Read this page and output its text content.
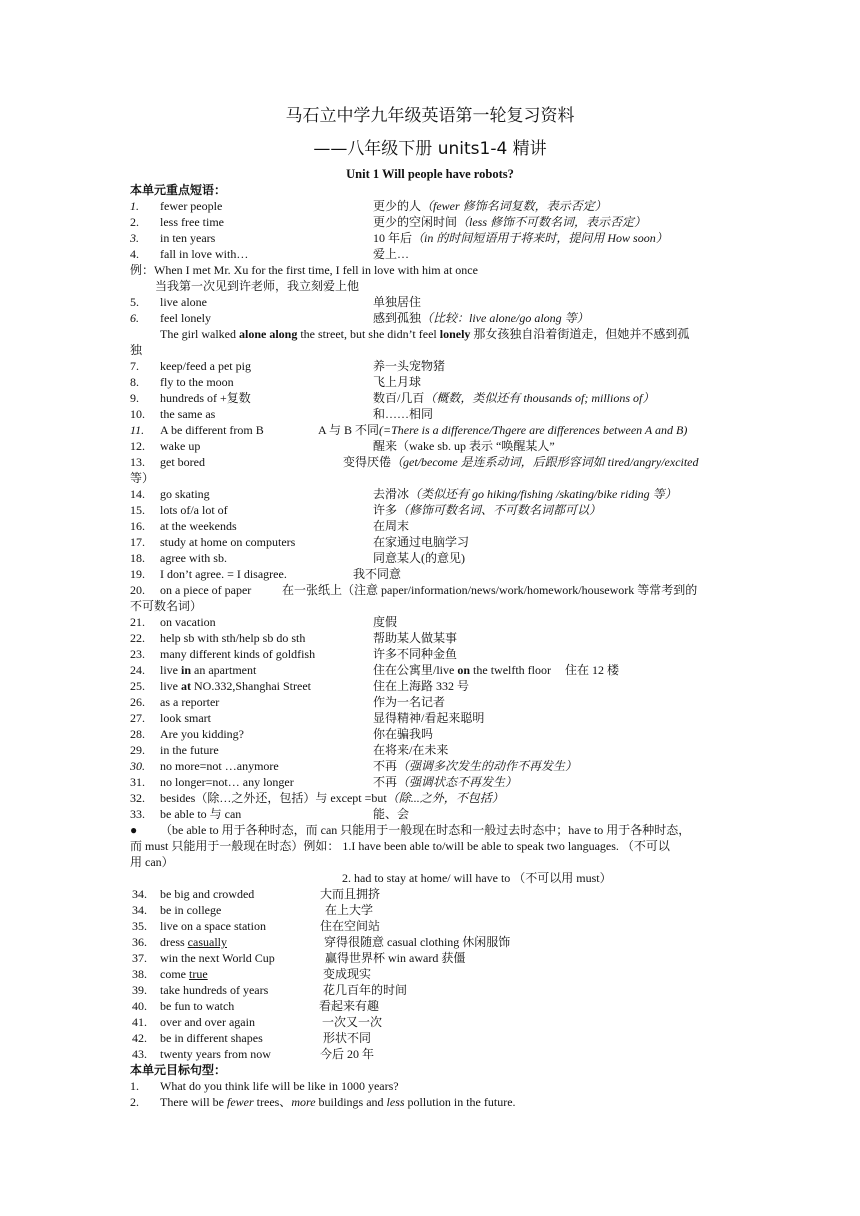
马石立中学九年级英语第一轮复习资料
——八年级下册 units1-4 精讲
Unit 1 Will people have robots?
本单元重点短语：
1. fewer people	更少的人（fewer 修饰名词复数，表示否定）
2. less free time	更少的空闲时间（less 修饰不可数名词，表示否定）
3. in ten years	10 年后（in 的时间短语用于将来时，提问用 How soon）
4. fall in love with…	爱上…
例：When I met Mr. Xu for the first time, I fell in love with him at once
当我第一次见到许老师，我立刻爱上他
5. live alone	单独居住
6. feel lonely	感到孤独（比较：live alone/go along 等）
The girl walked alone along the street, but she didn’t feel lonely 那女孩独自沿着街道走，但她并不感到孤
独
7. keep/feed a pet pig	养一头宠物猪
8. fly to the moon	飞上月球
9. hundreds of +复数	数百/几百（概数，类似还有 thousands of; millions of）
10. the same as	和……相同
11. A be different from B	A 与 B 不同(=There is a difference/Thgere are differences between A and B)
12. wake up	醒来（wake sb. up 表示 “唤醒某人”
13. get bored	变得厌倦（get/become 是连系动词，后跟形容词如 tired/angry/excited
等）
14. go skating	去滑冰（类似还有 go hiking/fishing /skating/bike riding 等）
15. lots of/a lot of	许多（修饰可数名词、不可数名词都可以）
16. at the weekends	在周末
17. study at home on computers	在家通过电脑学习
18. agree with sb.	同意某人(的意见)
19. I don’t agree. = I disagree.	我不同意
20. on a piece of paper	在一张纸上（注意 paper/information/news/work/homework/housework 等常考到的
不可数名词）
21. on vacation	度假
22. help sb with sth/help sb do sth	帮助某人做某事
23. many different kinds of goldfish	许多不同种金鱼
24. live in an apartment	住在公寓里/live on the twelfth floor 住在 12 楼
25. live at NO.332,Shanghai Street	住在上海路 332 号
26. as a reporter	作为一名记者
27. look smart	显得精神/看起来聪明
28. Are you kidding?	你在骗我吗
29. in the future	在将来/在未来
30. no more=not …anymore	不再（强调多次发生的动作不再发生）
31. no longer=not… any longer	不再（强调状态不再发生）
32. besides（除…之外还，包括）与 except =but（除...之外，不包括）
33. be able to 与 can	能、会
● （be able to 用于各种时态，而 can 只能用于一般现在时态和一般过去时态中；have to 用于各种时态，
而 must 只能用于一般现在时态）例如： 1.I have been able to/will be able to speak two languages. （不可以
用 can）
2. had to stay at home/ will have to （不可以用 must）
34. be big and crowded	大而且拥挤
34. be in college	在上大学
35. live on a space station	住在空间站
36. dress casually	穿得很随意 casual clothing 休闲服饰
37. win the next World Cup	赢得世界杯 win award 获僵
38. come true	变成现实
39. take hundreds of years	花几百年的时间
40. be fun to watch	看起来有趣
41. over and over again	一次又一次
42. be in different shapes	形状不同
43. twenty years from now	今后 20 年
本单元目标句型：
1. What do you think life will be like in 1000 years?
2. There will be fewer trees、more buildings and less pollution in the future.
